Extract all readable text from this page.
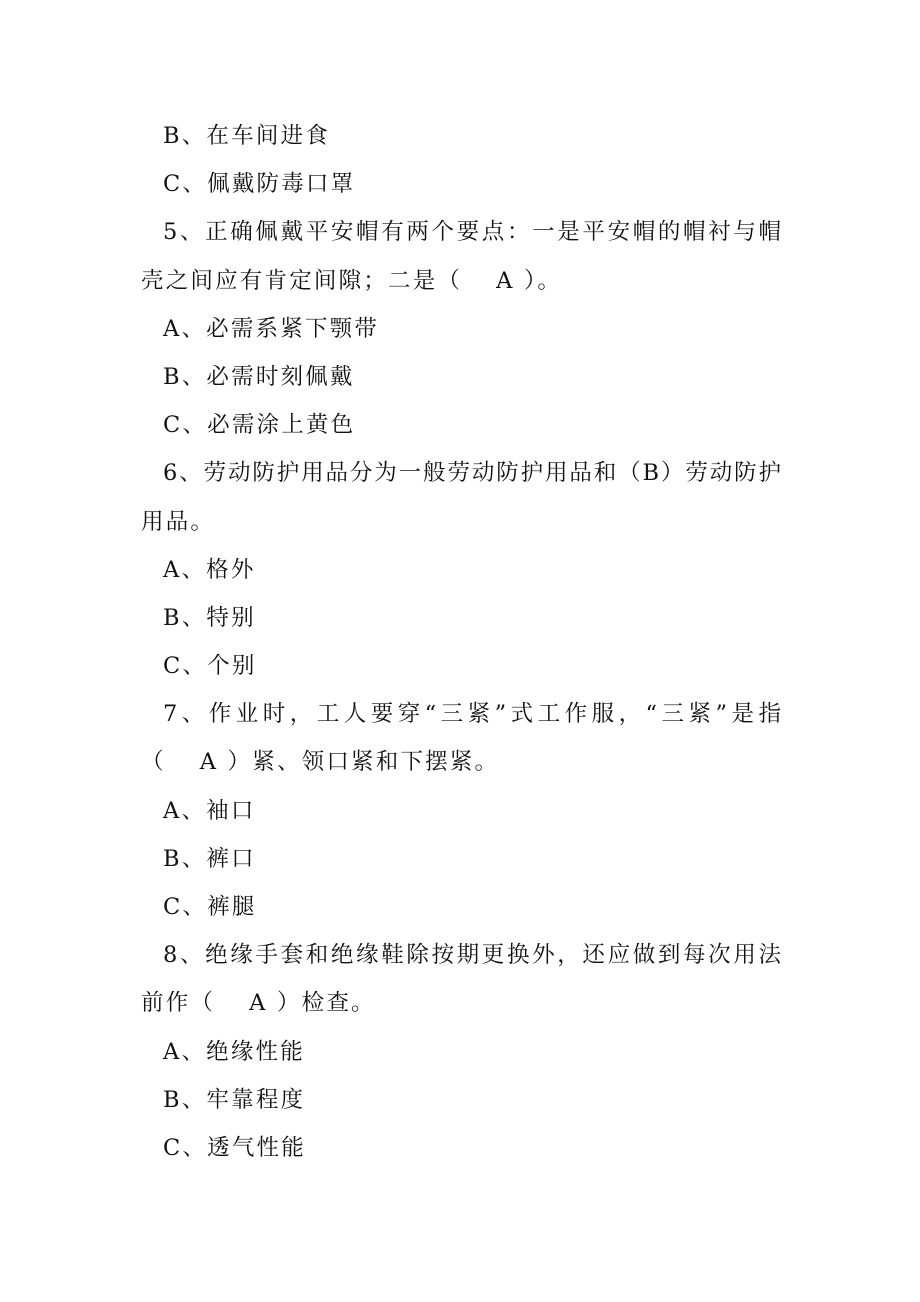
B、在车间进食
C、佩戴防毒口罩
5、正确佩戴平安帽有两个要点：一是平安帽的帽衬与帽
壳之间应有肯定间隙；二是（　 A ）。
A、必需系紧下颚带
B、必需时刻佩戴
C、必需涂上黄色
6、劳动防护用品分为一般劳动防护用品和（B）劳动防护
用品。
A、格外
B、特别
C、个别
7、作业时，工人要穿“三紧”式工作服，“三紧”是指
（　 A ）紧、领口紧和下摆紧。
A、袖口
B、裤口
C、裤腿
8、绝缘手套和绝缘鞋除按期更换外，还应做到每次用法
前作（　 A ）检查。
A、绝缘性能
B、牢靠程度
C、透气性能
